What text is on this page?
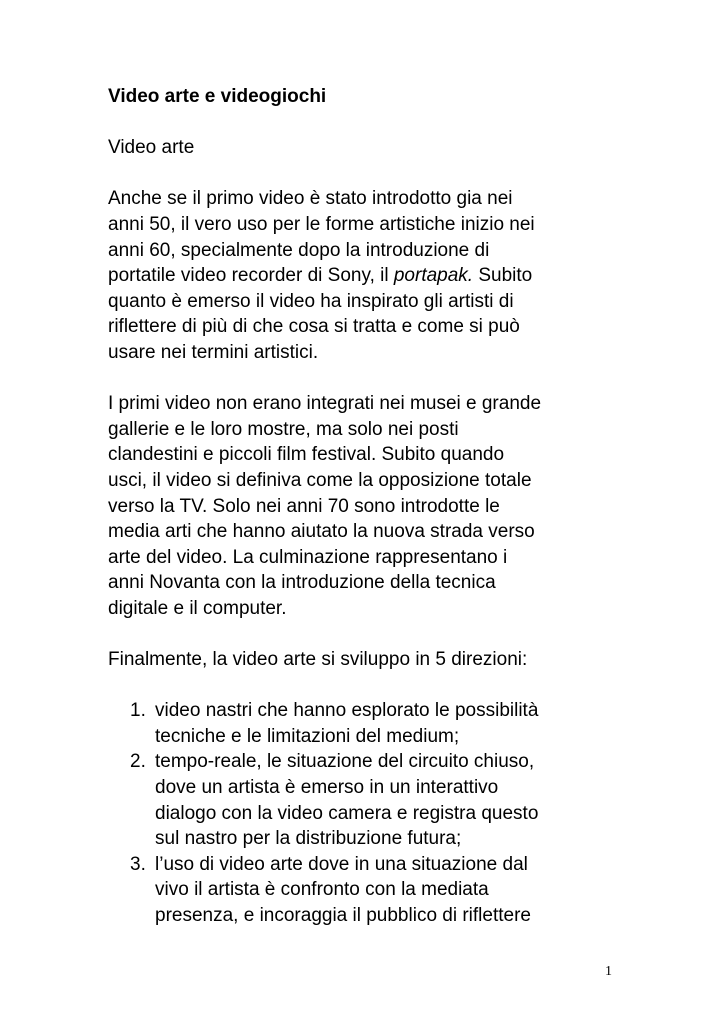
Video arte e videogiochi
Video arte

Anche se il primo video è stato introdotto gia nei
anni 50, il vero uso per le forme artistiche inizio nei
anni 60, specialmente dopo la introduzione di
portatile video recorder di Sony, il portapak. Subito
quanto è emerso il video ha inspirato gli artisti di
riflettere di più di che cosa si tratta e come si può
usare nei termini artistici.

I primi video non erano integrati nei musei e grande
gallerie e le loro mostre, ma solo nei posti
clandestini e piccoli film festival. Subito quando
usci, il video si definiva come la opposizione totale
verso la TV. Solo nei anni 70 sono introdotte le
media arti che hanno aiutato la nuova strada verso
arte del video. La culminazione rappresentano i
anni Novanta con la introduzione della tecnica
digitale e il computer.

Finalmente, la video arte si sviluppo in 5 direzioni:

1. video nastri che hanno esplorato le possibilità
tecniche e le limitazioni del medium;
2. tempo-reale, le situazione del circuito chiuso,
dove un artista è emerso in un interattivo
dialogo con la video camera e registra questo
sul nastro per la distribuzione futura;
3. l’uso di video arte dove in una situazione dal
vivo il artista è confronto con la mediata
presenza, e incoraggia il pubblico di riflettere
1
